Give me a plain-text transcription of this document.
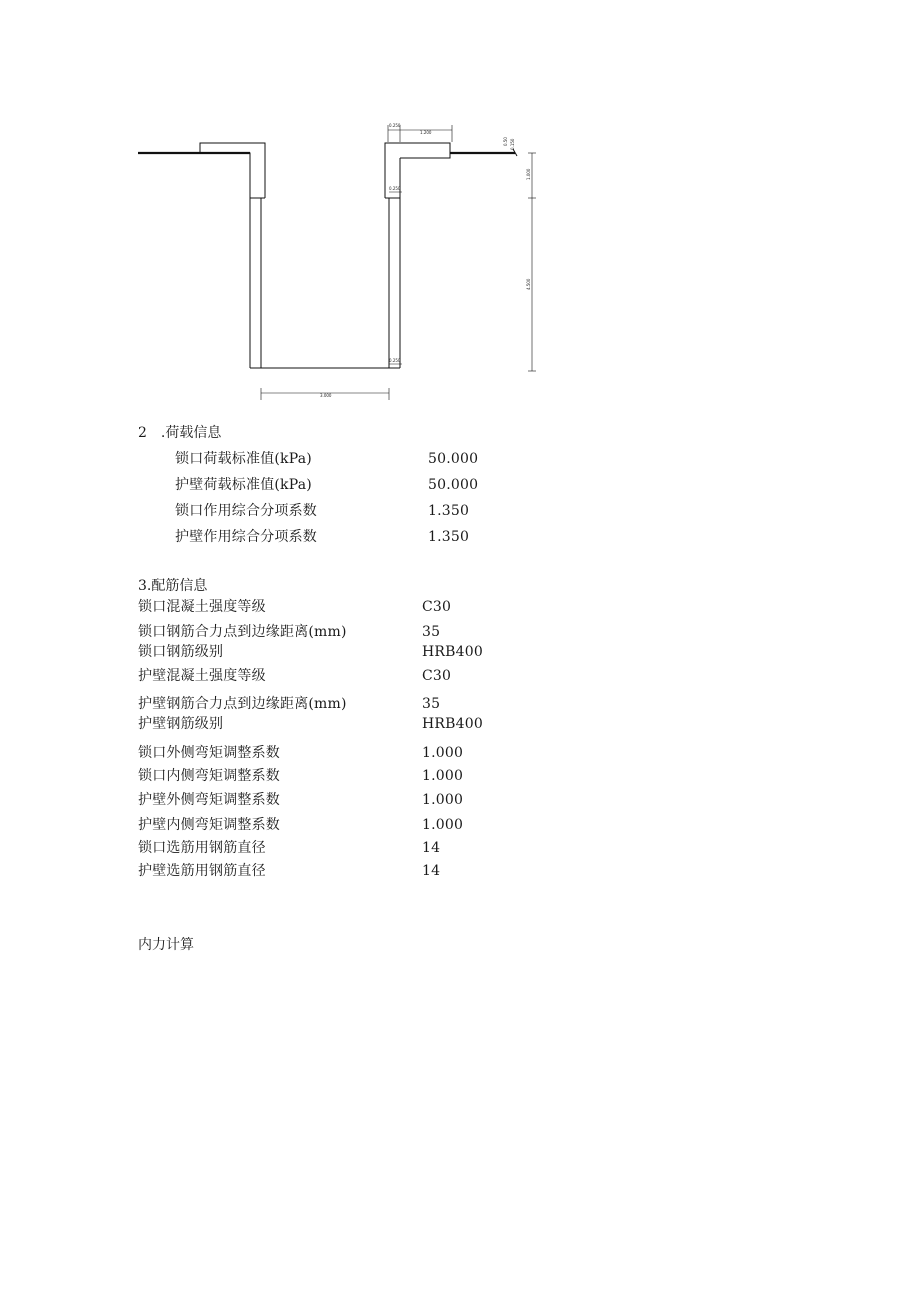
0.250
1.200
0.50 0.150
1.000
4.500
0.250
0.250
3.000
2　.荷载信息
锁口荷载标准值(kPa)	50.000
护壁荷载标准值(kPa)	50.000
锁口作用综合分项系数	1.350
护壁作用综合分项系数	1.350
3.配筋信息
锁口混凝土强度等级	C30
锁口钢筋合力点到边缘距离(mm)	35
锁口钢筋级别	HRB400
护壁混凝土强度等级	C30
护壁钢筋合力点到边缘距离(mm)	35
护壁钢筋级别	HRB400
锁口外侧弯矩调整系数	1.000
锁口内侧弯矩调整系数	1.000
护壁外侧弯矩调整系数	1.000
护壁内侧弯矩调整系数	1.000
锁口选筋用钢筋直径	14
护壁选筋用钢筋直径	14
内力计算
